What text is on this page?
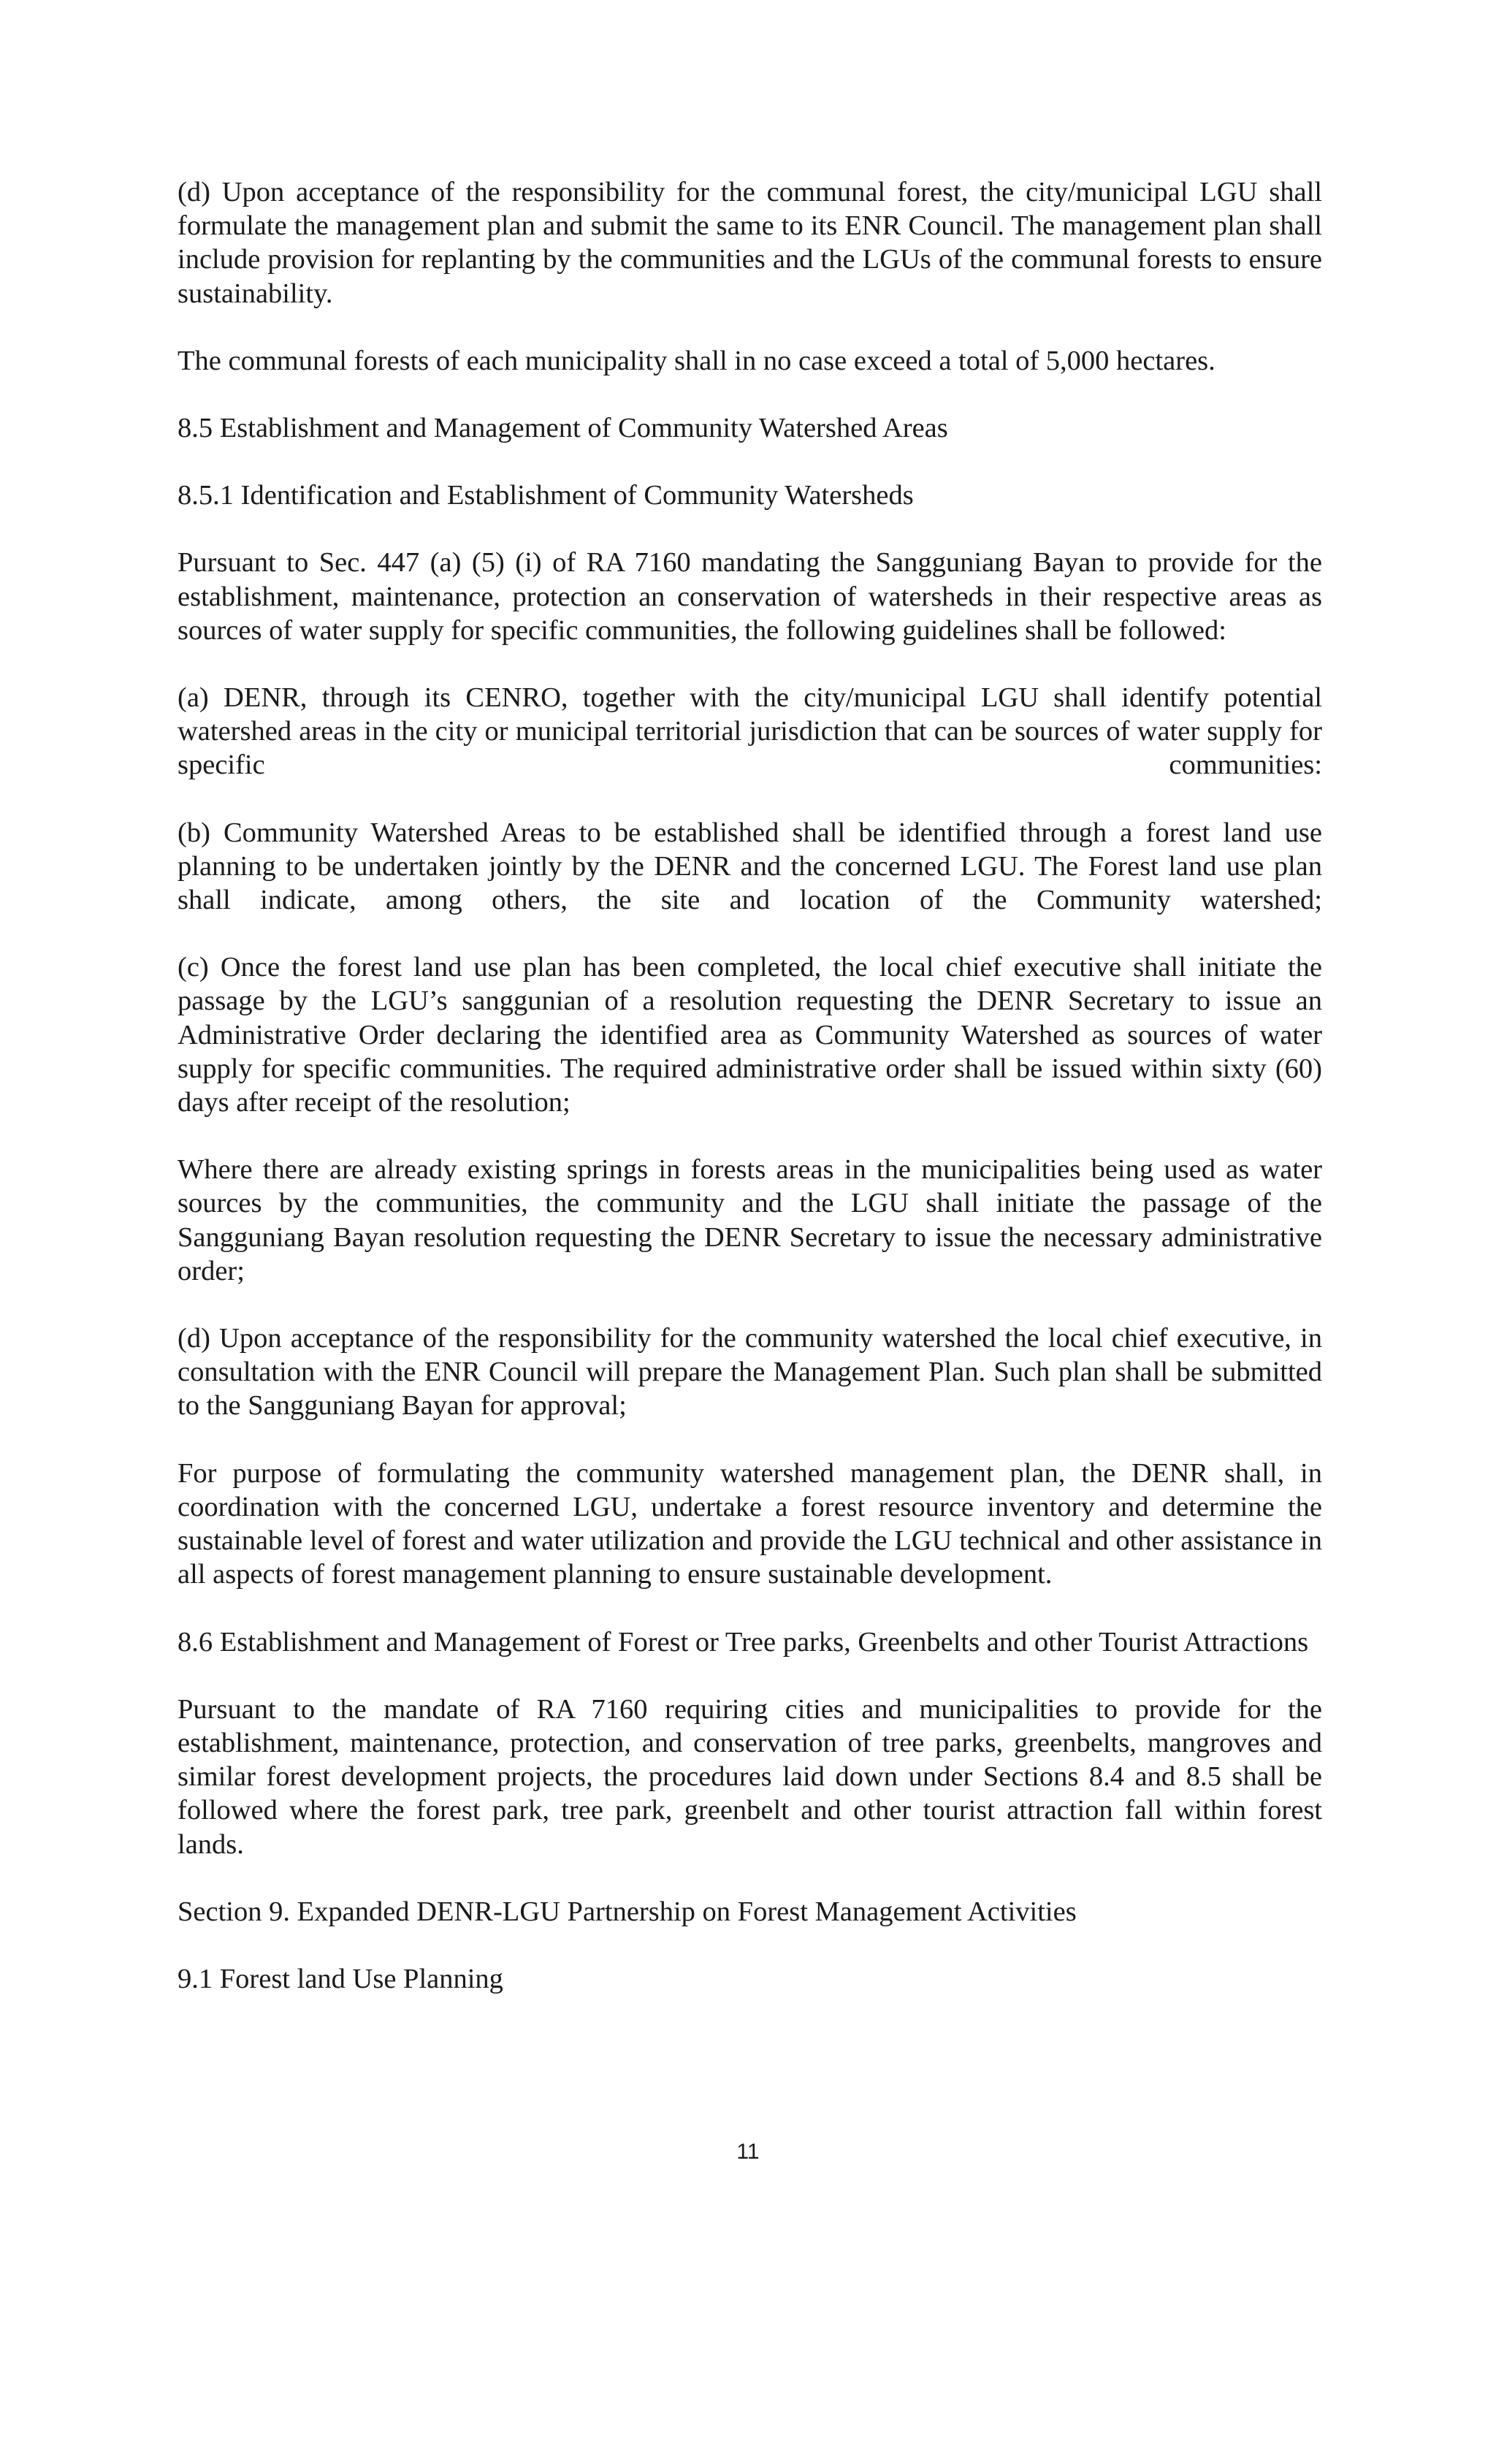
(d) Upon acceptance of the responsibility for the communal forest, the city/municipal LGU shall formulate the management plan and submit the same to its ENR Council. The management plan shall include provision for replanting by the communities and the LGUs of the communal forests to ensure sustainability.

The communal forests of each municipality shall in no case exceed a total of 5,000 hectares.

8.5 Establishment and Management of Community Watershed Areas

8.5.1 Identification and Establishment of Community Watersheds

Pursuant to Sec. 447 (a) (5) (i) of RA 7160 mandating the Sangguniang Bayan to provide for the establishment, maintenance, protection an conservation of watersheds in their respective areas as sources of water supply for specific communities, the following guidelines shall be followed:

(a) DENR, through its CENRO, together with the city/municipal LGU shall identify potential watershed areas in the city or municipal territorial jurisdiction that can be sources of water supply for specific communities:

(b) Community Watershed Areas to be established shall be identified through a forest land use planning to be undertaken jointly by the DENR and the concerned LGU. The Forest land use plan shall indicate, among others, the site and location of the Community watershed;

(c) Once the forest land use plan has been completed, the local chief executive shall initiate the passage by the LGU’s sanggunian of a resolution requesting the DENR Secretary to issue an Administrative Order declaring the identified area as Community Watershed as sources of water supply for specific communities. The required administrative order shall be issued within sixty (60) days after receipt of the resolution;

Where there are already existing springs in forests areas in the municipalities being used as water sources by the communities, the community and the LGU shall initiate the passage of the Sangguniang Bayan resolution requesting the DENR Secretary to issue the necessary administrative order;

(d) Upon acceptance of the responsibility for the community watershed the local chief executive, in consultation with the ENR Council will prepare the Management Plan. Such plan shall be submitted to the Sangguniang Bayan for approval;

For purpose of formulating the community watershed management plan, the DENR shall, in coordination with the concerned LGU, undertake a forest resource inventory and determine the sustainable level of forest and water utilization and provide the LGU technical and other assistance in all aspects of forest management planning to ensure sustainable development.

8.6 Establishment and Management of Forest or Tree parks, Greenbelts and other Tourist Attractions

Pursuant to the mandate of RA 7160 requiring cities and municipalities to provide for the establishment, maintenance, protection, and conservation of tree parks, greenbelts, mangroves and similar forest development projects, the procedures laid down under Sections 8.4 and 8.5 shall be followed where the forest park, tree park, greenbelt and other tourist attraction fall within forest lands.

Section 9. Expanded DENR-LGU Partnership on Forest Management Activities

9.1 Forest land Use Planning

11
